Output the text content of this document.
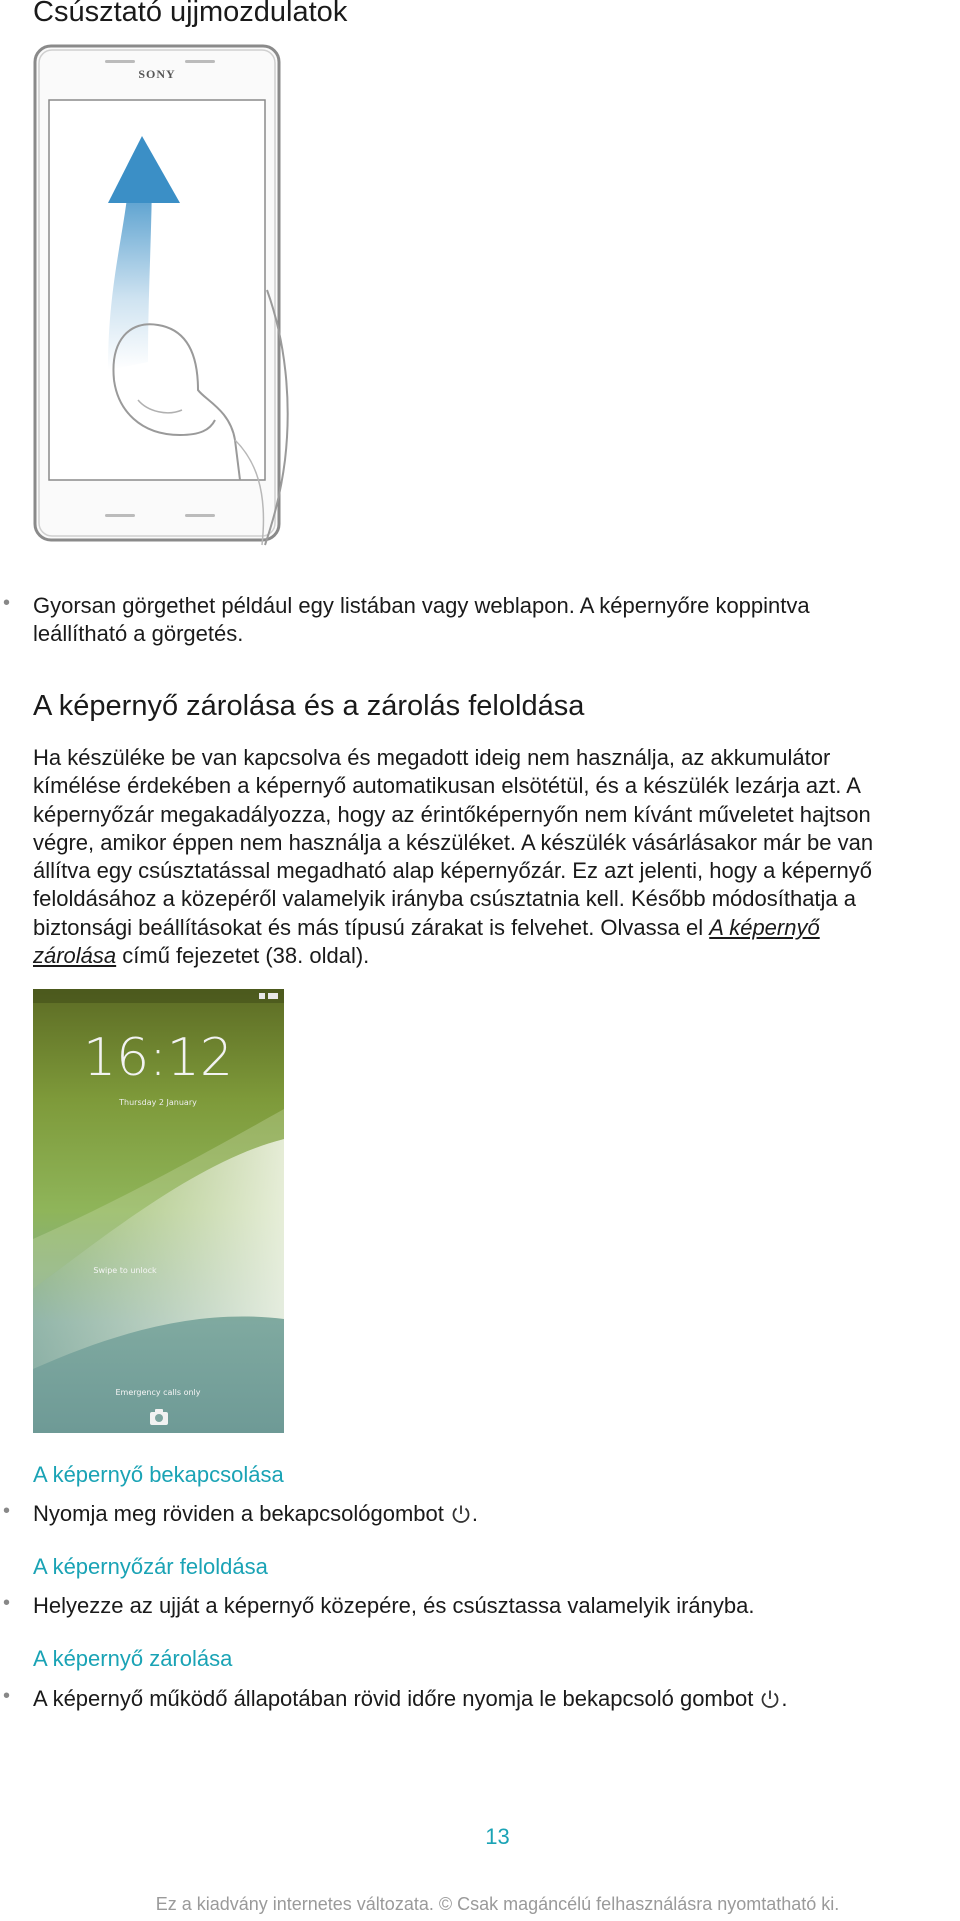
Csúsztató ujjmozdulatok
SONY
• Gyorsan görgethet például egy listában vagy weblapon. A képernyőre koppintva
leállítható a görgetés.
A képernyő zárolása és a zárolás feloldása

Ha készüléke be van kapcsolva és megadott ideig nem használja, az akkumulátor
kímélése érdekében a képernyő automatikusan elsötétül, és a készülék lezárja azt. A
képernyőzár megakadályozza, hogy az érintőképernyőn nem kívánt műveletet hajtson
végre, amikor éppen nem használja a készüléket. A készülék vásárlásakor már be van
állítva egy csúsztatással megadható alap képernyőzár. Ez azt jelenti, hogy a képernyő
feloldásához a közepéről valamelyik irányba csúsztatnia kell. Később módosíthatja a
biztonsági beállításokat és más típusú zárakat is felvehet. Olvassa el A képernyő
zárolása című fejezetet (38. oldal).

16:12
Thursday 2 January
Swipe to unlock
Emergency calls only
A képernyő bekapcsolása
• Nyomja meg röviden a bekapcsológombot .
A képernyőzár feloldása
• Helyezze az ujját a képernyő közepére, és csúsztassa valamelyik irányba.
A képernyő zárolása
• A képernyő működő állapotában rövid időre nyomja le bekapcsoló gombot .
13
Ez a kiadvány internetes változata. © Csak magáncélú felhasználásra nyomtatható ki.
